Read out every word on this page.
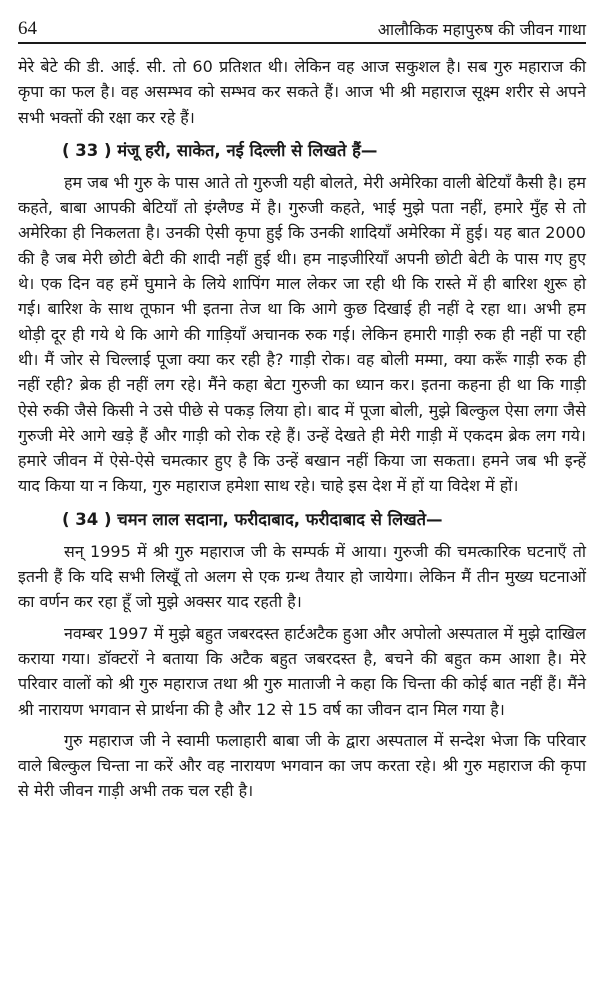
64	आलौकिक महापुरुष की जीवन गाथा

मेरे बेटे की डी. आई. सी. तो 60 प्रतिशत थी। लेकिन वह आज सकुशल है। सब गुरु महाराज की कृपा का फल है। वह असम्भव को सम्भव कर सकते हैं। आज भी श्री महाराज सूक्ष्म शरीर से अपने सभी भक्तों की रक्षा कर रहे हैं।

( 33 ) मंजू हरी, साकेत, नई दिल्ली से लिखते हैं—

हम जब भी गुरु के पास आते तो गुरुजी यही बोलते, मेरी अमेरिका वाली बेटियाँ कैसी है। हम कहते, बाबा आपकी बेटियाँ तो इंग्लैण्ड में है। गुरुजी कहते, भाई मुझे पता नहीं, हमारे मुँह से तो अमेरिका ही निकलता है। उनकी ऐसी कृपा हुई कि उनकी शादियाँ अमेरिका में हुई। यह बात 2000 की है जब मेरी छोटी बेटी की शादी नहीं हुई थी। हम नाइजीरियाँ अपनी छोटी बेटी के पास गए हुए थे। एक दिन वह हमें घुमाने के लिये शापिंग माल लेकर जा रही थी कि रास्ते में ही बारिश शुरू हो गई। बारिश के साथ तूफान भी इतना तेज था कि आगे कुछ दिखाई ही नहीं दे रहा था। अभी हम थोड़ी दूर ही गये थे कि आगे की गाड़ियाँ अचानक रुक गई। लेकिन हमारी गाड़ी रुक ही नहीं पा रही थी। मैं जोर से चिल्लाई पूजा क्या कर रही है? गाड़ी रोक। वह बोली मम्मा, क्या करूँ गाड़ी रुक ही नहीं रही? ब्रेक ही नहीं लग रहे। मैंने कहा बेटा गुरुजी का ध्यान कर। इतना कहना ही था कि गाड़ी ऐसे रुकी जैसे किसी ने उसे पीछे से पकड़ लिया हो। बाद में पूजा बोली, मुझे बिल्कुल ऐसा लगा जैसे गुरुजी मेरे आगे खड़े हैं और गाड़ी को रोक रहे हैं। उन्हें देखते ही मेरी गाड़ी में एकदम ब्रेक लग गये। हमारे जीवन में ऐसे-ऐसे चमत्कार हुए है कि उन्हें बखान नहीं किया जा सकता। हमने जब भी इन्हें याद किया या न किया, गुरु महाराज हमेशा साथ रहे। चाहे इस देश में हों या विदेश में हों।

( 34 ) चमन लाल सदाना, फरीदाबाद, फरीदाबाद से लिखते—

सन् 1995 में श्री गुरु महाराज जी के सम्पर्क में आया। गुरुजी की चमत्कारिक घटनाएँ तो इतनी हैं कि यदि सभी लिखूँ तो अलग से एक ग्रन्थ तैयार हो जायेगा। लेकिन मैं तीन मुख्य घटनाओं का वर्णन कर रहा हूँ जो मुझे अक्सर याद रहती है।

नवम्बर 1997 में मुझे बहुत जबरदस्त हार्टअटैक हुआ और अपोलो अस्पताल में मुझे दाखिल कराया गया। डॉक्टरों ने बताया कि अटैक बहुत जबरदस्त है, बचने की बहुत कम आशा है। मेरे परिवार वालों को श्री गुरु महाराज तथा श्री गुरु माताजी ने कहा कि चिन्ता की कोई बात नहीं हैं। मैंने श्री नारायण भगवान से प्रार्थना की है और 12 से 15 वर्ष का जीवन दान मिल गया है।

गुरु महाराज जी ने स्वामी फलाहारी बाबा जी के द्वारा अस्पताल में सन्देश भेजा कि परिवार वाले बिल्कुल चिन्ता ना करें और वह नारायण भगवान का जप करता रहे। श्री गुरु महाराज की कृपा से मेरी जीवन गाड़ी अभी तक चल रही है।
